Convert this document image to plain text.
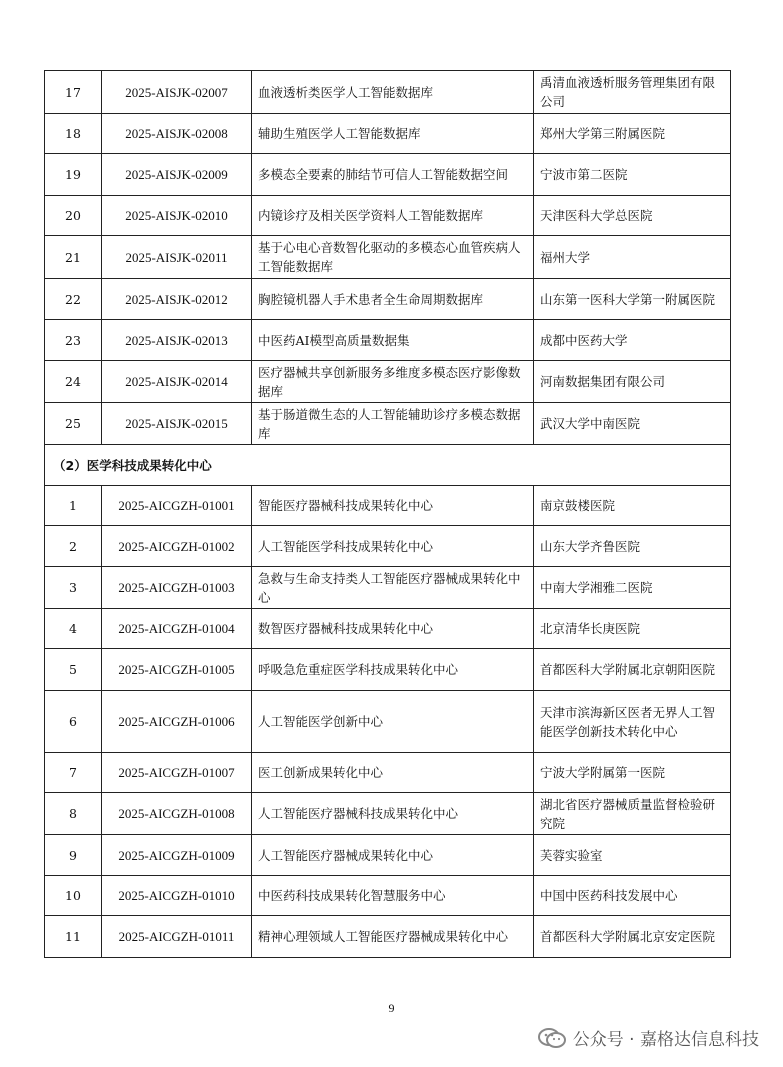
17	2025-AISJK-02007	血液透析类医学人工智能数据库	禹清血液透析服务管理集团有限公司
18	2025-AISJK-02008	辅助生殖医学人工智能数据库	郑州大学第三附属医院
19	2025-AISJK-02009	多模态全要素的肺结节可信人工智能数据空间	宁波市第二医院
20	2025-AISJK-02010	内镜诊疗及相关医学资料人工智能数据库	天津医科大学总医院
21	2025-AISJK-02011	基于心电心音数智化驱动的多模态心血管疾病人工智能数据库	福州大学
22	2025-AISJK-02012	胸腔镜机器人手术患者全生命周期数据库	山东第一医科大学第一附属医院
23	2025-AISJK-02013	中医药AI模型高质量数据集	成都中医药大学
24	2025-AISJK-02014	医疗器械共享创新服务多维度多模态医疗影像数据库	河南数据集团有限公司
25	2025-AISJK-02015	基于肠道微生态的人工智能辅助诊疗多模态数据库	武汉大学中南医院
（2）医学科技成果转化中心			
1	2025-AICGZH-01001	智能医疗器械科技成果转化中心	南京鼓楼医院
2	2025-AICGZH-01002	人工智能医学科技成果转化中心	山东大学齐鲁医院
3	2025-AICGZH-01003	急救与生命支持类人工智能医疗器械成果转化中心	中南大学湘雅二医院
4	2025-AICGZH-01004	数智医疗器械科技成果转化中心	北京清华长庚医院
5	2025-AICGZH-01005	呼吸急危重症医学科技成果转化中心	首都医科大学附属北京朝阳医院
6	2025-AICGZH-01006	人工智能医学创新中心	天津市滨海新区医者无界人工智能医学创新技术转化中心
7	2025-AICGZH-01007	医工创新成果转化中心	宁波大学附属第一医院
8	2025-AICGZH-01008	人工智能医疗器械科技成果转化中心	湖北省医疗器械质量监督检验研究院
9	2025-AICGZH-01009	人工智能医疗器械成果转化中心	芙蓉实验室
10	2025-AICGZH-01010	中医药科技成果转化智慧服务中心	中国中医药科技发展中心
11	2025-AICGZH-01011	精神心理领域人工智能医疗器械成果转化中心	首都医科大学附属北京安定医院
9
公众号 · 嘉格达信息科技
